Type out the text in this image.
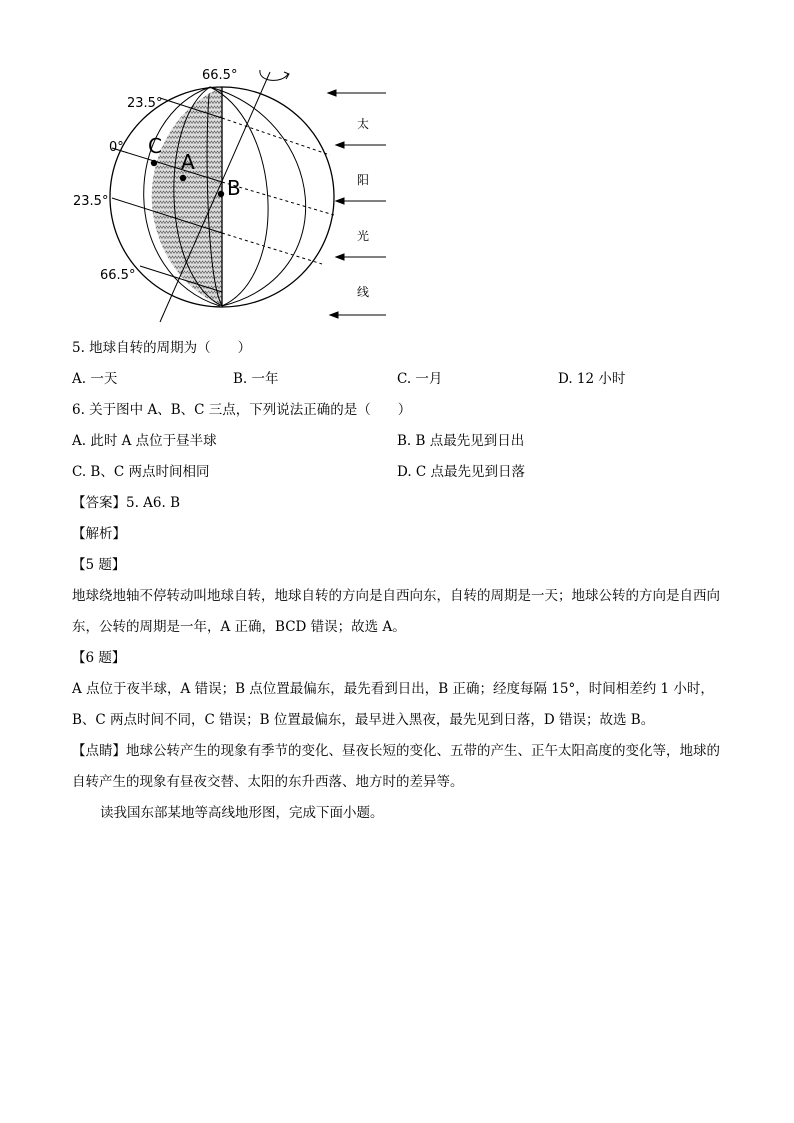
66.5°
23.5°
0°
23.5°
66.5°
C
A
B
太
阳
光
线
5. 地球自转的周期为（　　）
A. 一天	B. 一年	C. 一月	D. 12 小时
6. 关于图中 A、B、C 三点，下列说法正确的是（　　）
A. 此时 A 点位于昼半球	B. B 点最先见到日出
C. B、C 两点时间相同	D. C 点最先见到日落
【答案】5. A6. B
【解析】
【5 题】
地球绕地轴不停转动叫地球自转，地球自转的方向是自西向东，自转的周期是一天；地球公转的方向是自西向东，公转的周期是一年，A 正确，BCD 错误；故选 A。
【6 题】
A 点位于夜半球，A 错误；B 点位置最偏东，最先看到日出，B 正确；经度每隔 15°，时间相差约 1 小时，B、C 两点时间不同，C 错误；B 位置最偏东，最早进入黑夜，最先见到日落，D 错误；故选 B。
【点睛】地球公转产生的现象有季节的变化、昼夜长短的变化、五带的产生、正午太阳高度的变化等，地球的自转产生的现象有昼夜交替、太阳的东升西落、地方时的差异等。
读我国东部某地等高线地形图，完成下面小题。
